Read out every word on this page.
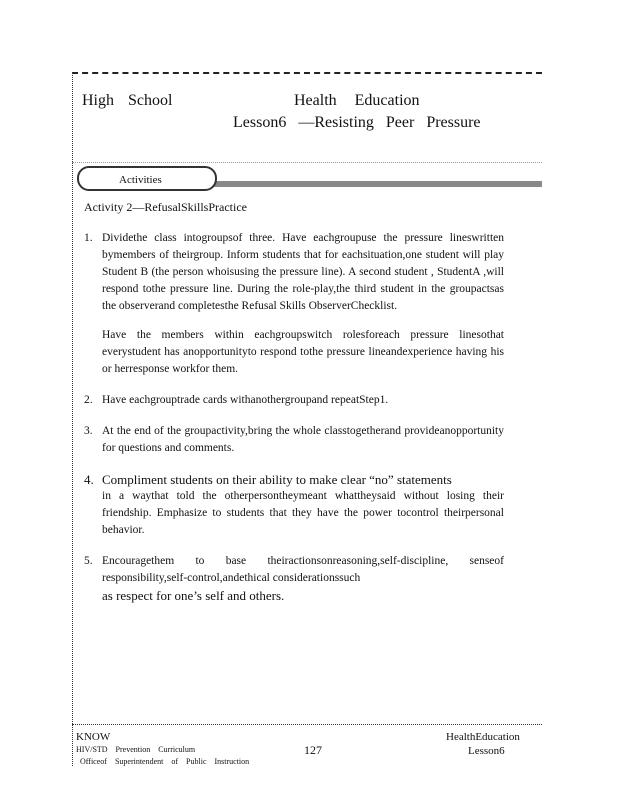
High School	Health Education
Lesson6 —Resisting Peer Pressure
Activities
Activity 2—RefusalSkillsPractice
1. Dividethe class intogroupsof three. Have eachgroupuse the pressure lineswritten bymembers of theirgroup. Inform students that for eachsituation,one student will play Student B (the person whoisusing the pressure line). A second student , StudentA ,will respond tothe pressure line. During the role-play,the third student in the groupactsas the observerand completesthe Refusal Skills ObserverChecklist.

Have the members within eachgroupswitch rolesforeach pressure linesothat everystudent has anopportunityto respond tothe pressure lineandexperience having his or herresponse workfor them.

2. Have eachgrouptrade cards withanothergroupand repeatStep1.

3. At the end of the groupactivity,bring the whole classtogetherand provideanopportunity for questions and comments.

4. Compliment students on their ability to make clear “no” statements

in a waythat told the otherpersontheymeant whattheysaid without losing their friendship. Emphasize to students that they have the power tocontrol theirpersonal behavior.

5. Encouragethem to base theiractionsonreasoning,self-discipline, senseof responsibility,self-control,andethical considerationssuch

as respect for one’s self and others.
KNOW
HIV/STD Prevention Curriculum
Officeof Superintendent of Public Instruction
127
HealthEducation
Lesson6
